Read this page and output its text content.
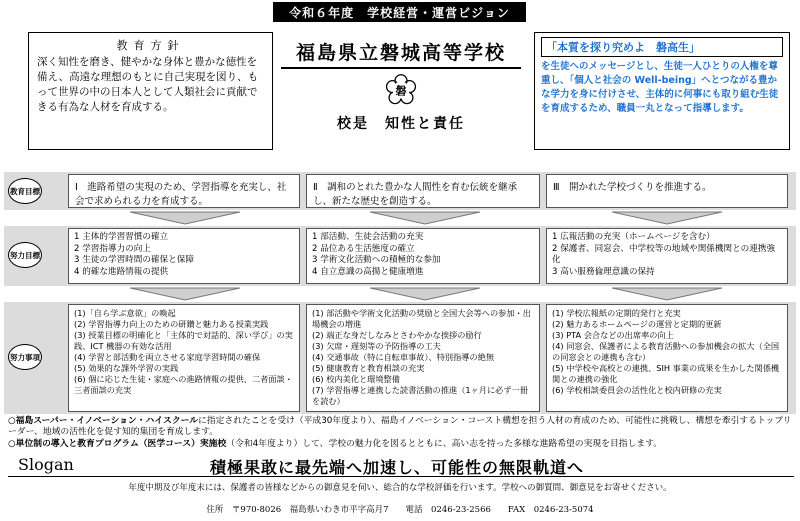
令和６年度　学校経営・運営ビジョン
教育方針
深く知性を磨き、健やかな身体と豊かな徳性を備え、高遠な理想のもとに自己実現を図り、もって世界の中の日本人として人類社会に貢献できる有為な人材を育成する。
福島県立磐城高等学校
磐
校是　知性と責任
「本質を探り究めよ　磐高生」
を生徒へのメッセージとし、生徒一人ひとりの人権を尊重し、「個人と社会の Well-being」へとつながる豊かな学力を身に付けさせ、主体的に何事にも取り組む生徒を育成するため、職員一丸となって指導します。
教育目標	Ⅰ　進路希望の実現のため、学習指導を充実し、社会で求められる力を育成する。
Ⅱ　調和のとれた豊かな人間性を育む伝統を継承し、新たな歴史を創造する。
Ⅲ　開かれた学校づくりを推進する。
努力目標
1 主体的学習習慣の確立
2 学習指導力の向上
3 生徒の学習時間の確保と保障
4 的確な進路情報の提供
1 部活動、生徒会活動の充実
2 品位ある生活態度の確立
3 学術文化活動への積極的な参加
4 自立意識の高揚と健康増進
1 広報活動の充実（ホームページを含む）
2 保護者、同窓会、中学校等の地域や関係機関との連携強化
3 高い服務倫理意識の保持
努力事項
(1)「自ら学ぶ意欲」の喚起
(2) 学習指導力向上のための研鑽と魅力ある授業実践
(3) 授業目標の明確化と「主体的で対話的、深い学び」の実践、ICT 機器の有効な活用
(4) 学習と部活動を両立させる家庭学習時間の確保
(5) 効果的な課外学習の実践
(6) 個に応じた生徒・家庭への進路情報の提供、二者面談・三者面談の充実
(1) 部活動や学術文化活動の奨励と全国大会等への参加・出場機会の増進
(2) 端正な身だしなみとさわやかな挨拶の励行
(3) 欠席・遅刻等の予防指導の工夫
(4) 交通事故（特に自転車事故）、特別指導の絶無
(5) 健康教育と教育相談の充実
(6) 校内美化と環境整備
(7) 学習指導と連携した読書活動の推進（1ヶ月に必ず一冊を読む）
(1) 学校広報紙の定期的発行と充実
(2) 魅力あるホームページの運営と定期的更新
(3) PTA 会合などの出席率の向上
(4) 同窓会、保護者による教育活動への参加機会の拡大（全国の同窓会との連携も含む）
(5) 中学校や高校との連携、SIH 事業の成果を生かした関係機関との連携の強化
(6) 学校相談委員会の活性化と校内研修の充実
○福島スーパー・イノベーション・ハイスクールに指定されたことを受け（平成30年度より）、福島イノベーション・コースト構想を担う人材の育成のため、可能性に挑戦し、構想を牽引するトップリーダー、地域の活性化を促す知的集団を育成します。
○単位制の導入と教育プログラム（医学コース）実施校（令和4年度より）して、学校の魅力化を図るとともに、高い志を持った多様な進路希望の実現を目指します。
Slogan	積極果敢に最先端へ加速し、可能性の無限軌道へ
年度中期及び年度末には、保護者の皆様などからの御意見を伺い、総合的な学校評価を行います。学校への御質問、御意見をお寄せください。
住所　〒970-8026　福島県いわき市平字高月7　　電話　0246-23-2566　　FAX　0246-23-5074
